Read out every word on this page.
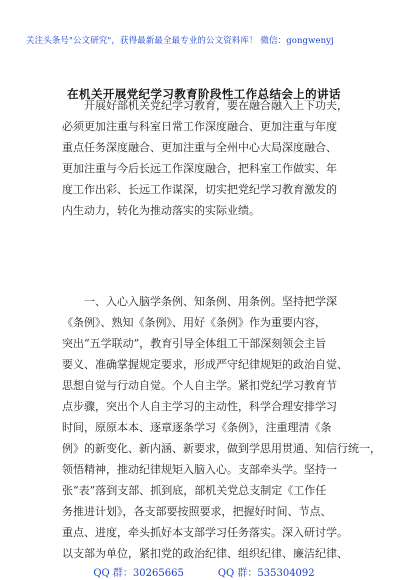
关注头条号"公文研究"，获得最新最全最专业的公文资料库！ 微信：gongwenyj
在机关开展党纪学习教育阶段性工作总结会上的讲话
开展好部机关党纪学习教育，要在融合融入上下功夫，
必须更加注重与科室日常工作深度融合、更加注重与年度
重点任务深度融合、更加注重与全州中心大局深度融合、
更加注重与今后长远工作深度融合，把科室工作做实、年
度工作出彩、长远工作谋深，切实把党纪学习教育激发的
内生动力，转化为推动落实的实际业绩。
一、入心入脑学条例、知条例、用条例。坚持把学深
《条例》、熟知《条例》、用好《条例》作为重要内容，
突出“五学联动”，教育引导全体组工干部深刻领会主旨
要义、准确掌握规定要求，形成严守纪律规矩的政治自觉、
思想自觉与行动自觉。个人自主学。紧扣党纪学习教育节
点步骤，突出个人自主学习的主动性，科学合理安排学习
时间，原原本本、逐章逐条学习《条例》，注重理清《条
例》的新变化、新内涵、新要求，做到学思用贯通、知信行统一，
领悟精神，推动纪律规矩入脑入心。支部牵头学。坚持一
张“表”落到支部、抓到底，部机关党总支制定《工作任
务推进计划》，各支部要按照要求，把握好时间、节点、
重点、进度，牵头抓好本支部学习任务落实。深入研讨学。
以支部为单位，紧扣党的政治纪律、组织纪律、廉洁纪律、
QQ 群：30265665	QQ 群：535304092
